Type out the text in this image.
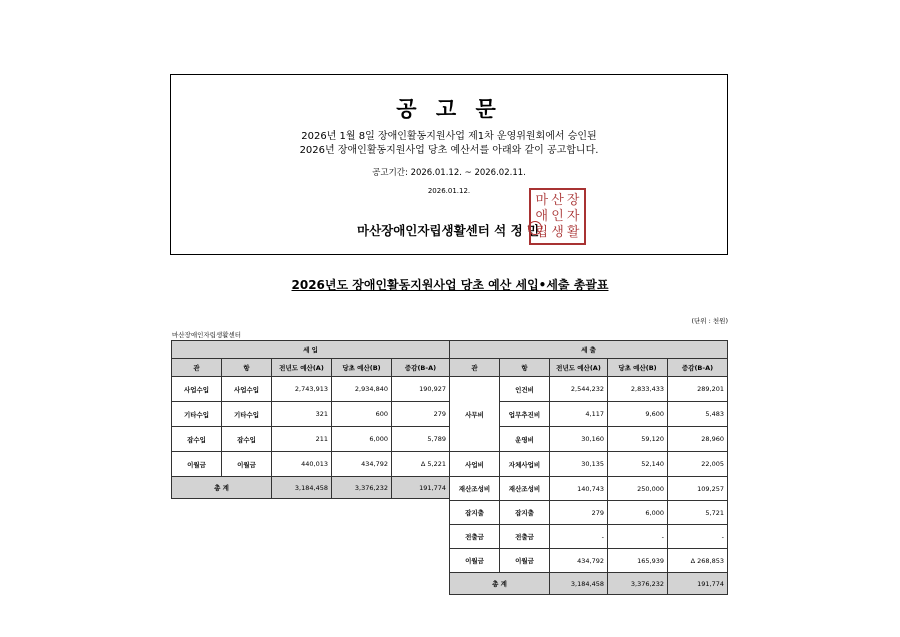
공 고 문
2026년 1월 8일 장애인활동지원사업 제1차 운영위원회에서 승인된
2026년 장애인활동지원사업 당초 예산서를 아래와 같이 공고합니다.
공고기간: 2026.01.12. ~ 2026.02.11.
2026.01.12.
마산장애인자립생활센터 석 정 민
마 산 장
애 인 자
립 생 활
2026년도 장애인활동지원사업 당초 예산 세입•세출 총괄표
(단위 : 천원)
마산장애인자립생활센터
세 입				
관	항	전년도 예산(A)	당초 예산(B)	증감(B-A)
사업수입	사업수입	2,743,913	2,934,840	190,927
기타수입	기타수입	321	600	279
잡수입	잡수입	211	6,000	5,789
이월금	이월금	440,013	434,792	Δ 5,221
총 계		3,184,458	3,376,232	191,774
세 출				
관	항	전년도 예산(A)	당초 예산(B)	증감(B-A)
사무비	인건비	2,544,232	2,833,433	289,201
	업무추진비	4,117	9,600	5,483
	운영비	30,160	59,120	28,960
사업비	자체사업비	30,135	52,140	22,005
재산조성비	재산조성비	140,743	250,000	109,257
잡지출	잡지출	279	6,000	5,721
전출금	전출금	-	-	-
이월금	이월금	434,792	165,939	Δ 268,853
총 계		3,184,458	3,376,232	191,774
